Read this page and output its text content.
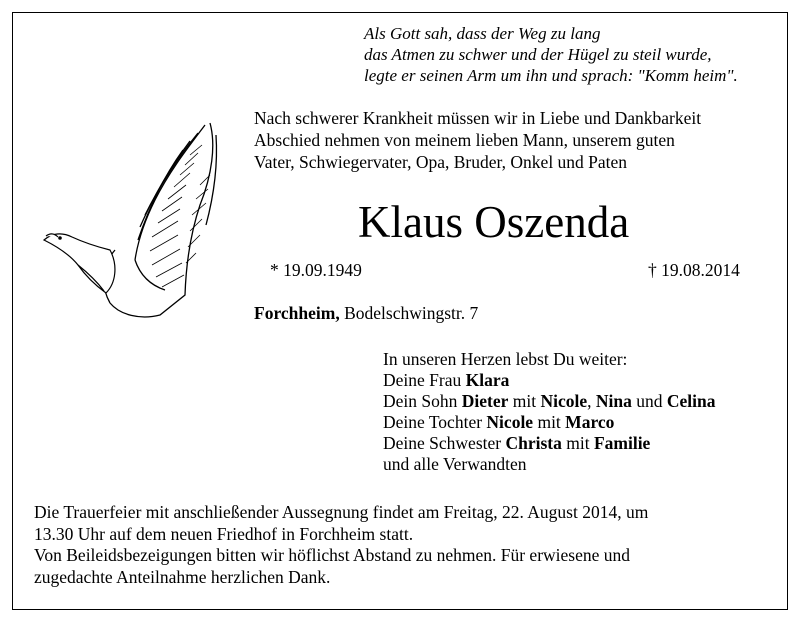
Als Gott sah, dass der Weg zu lang
das Atmen zu schwer und der Hügel zu steil wurde,
legte er seinen Arm um ihn und sprach: "Komm heim".
Nach schwerer Krankheit müssen wir in Liebe und Dankbarkeit
Abschied nehmen von meinem lieben Mann, unserem guten
Vater, Schwiegervater, Opa, Bruder, Onkel und Paten
Klaus Oszenda
* 19.09.1949	† 19.08.2014
Forchheim, Bodelschwingstr. 7
In unseren Herzen lebst Du weiter:
Deine Frau Klara
Dein Sohn Dieter mit Nicole, Nina und Celina
Deine Tochter Nicole mit Marco
Deine Schwester Christa mit Familie
und alle Verwandten
Die Trauerfeier mit anschließender Aussegnung findet am Freitag, 22. August 2014, um
13.30 Uhr auf dem neuen Friedhof in Forchheim statt.
Von Beileidsbezeigungen bitten wir höflichst Abstand zu nehmen. Für erwiesene und
zugedachte Anteilnahme herzlichen Dank.
